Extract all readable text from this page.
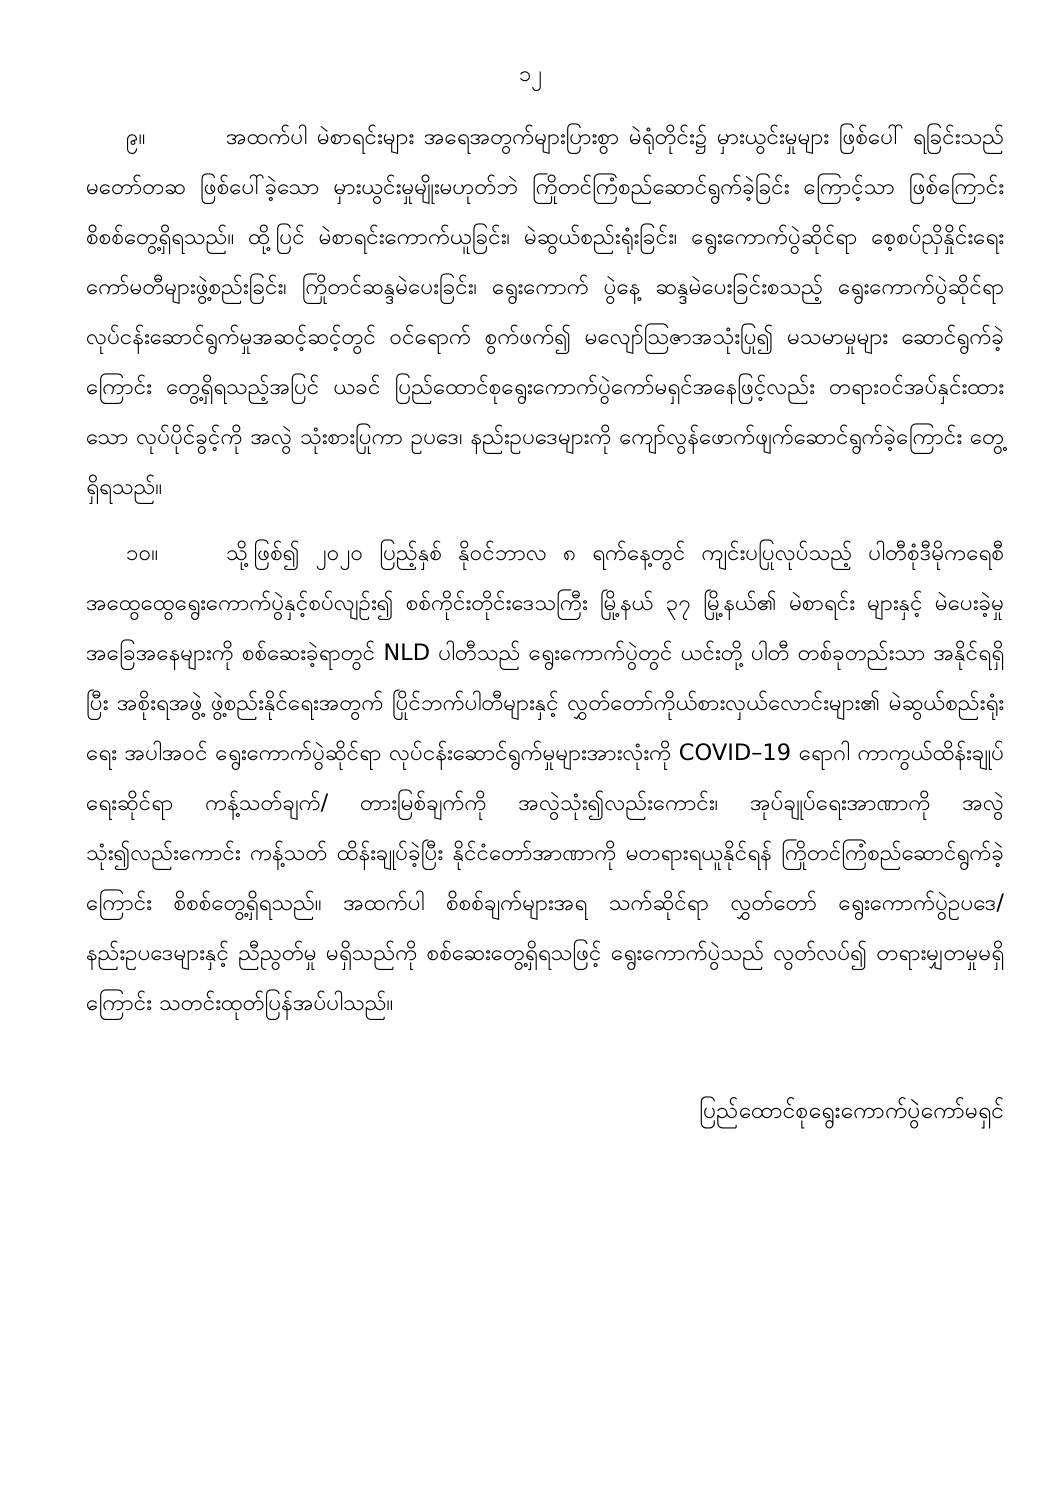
၁၂

၉။	အထက်ပါ မဲစာရင်းများ အရေအတွက်များပြားစွာ မဲရုံတိုင်း၌ မှားယွင်းမှုများ ဖြစ်ပေါ် ရခြင်းသည် မတော်တဆ ဖြစ်ပေါ်ခဲ့သော မှားယွင်းမှုမျိုးမဟုတ်ဘဲ ကြိုတင်ကြံစည်ဆောင်ရွက်ခဲ့ခြင်း ကြောင့်သာ ဖြစ်ကြောင်း စိစစ်တွေ့ရှိရသည်။ ထို့ပြင် မဲစာရင်းကောက်ယူခြင်း၊ မဲဆွယ်စည်းရုံးခြင်း၊ ရွေးကောက်ပွဲဆိုင်ရာ စေ့စပ်ညှိနှိုင်းရေးကော်မတီများဖွဲ့စည်းခြင်း၊ ကြိုတင်ဆန္ဒမဲပေးခြင်း၊ ရွေးကောက် ပွဲနေ့ ဆန္ဒမဲပေးခြင်းစသည့် ရွေးကောက်ပွဲဆိုင်ရာ လုပ်ငန်းဆောင်ရွက်မှုအဆင့်ဆင့်တွင် ဝင်ရောက် စွက်ဖက်၍ မလျော်ဩဇာအသုံးပြု၍ မသမာမှုများ ဆောင်ရွက်ခဲ့ကြောင်း တွေ့ရှိရသည့်အပြင် ယခင် ပြည်ထောင်စုရွေးကောက်ပွဲကော်မရှင်အနေဖြင့်လည်း တရားဝင်အပ်နှင်းထားသော လုပ်ပိုင်ခွင့်ကို အလွဲ သုံးစားပြုကာ ဥပဒေ၊ နည်းဥပဒေများကို ကျော်လွန်ဖောက်ဖျက်ဆောင်ရွက်ခဲ့ကြောင်း တွေ့ရှိရသည်။

၁၀။	သို့ဖြစ်၍ ၂၀၂၀ ပြည့်နှစ် နိုဝင်ဘာလ ၈ ရက်နေ့တွင် ကျင်းပပြုလုပ်သည့် ပါတီစုံဒီမိုကရေစီ အထွေထွေရွေးကောက်ပွဲနှင့်စပ်လျဉ်း၍ စစ်ကိုင်းတိုင်းဒေသကြီး မြို့နယ် ၃၇ မြို့နယ်၏ မဲစာရင်း များနှင့် မဲပေးခဲ့မှုအခြေအနေများကို စစ်ဆေးခဲ့ရာတွင် NLD ပါတီသည် ရွေးကောက်ပွဲတွင် ယင်းတို့ ပါတီ တစ်ခုတည်းသာ အနိုင်ရရှိပြီး အစိုးရအဖွဲ့ ဖွဲ့စည်းနိုင်ရေးအတွက် ပြိုင်ဘက်ပါတီများနှင့် လွှတ်တော်ကိုယ်စားလှယ်လောင်းများ၏ မဲဆွယ်စည်းရုံးရေး အပါအဝင် ရွေးကောက်ပွဲဆိုင်ရာ လုပ်ငန်းဆောင်ရွက်မှုများအားလုံးကို COVID–19 ရောဂါ ကာကွယ်ထိန်းချုပ်ရေးဆိုင်ရာ ကန့်သတ်ချက်/ တားမြစ်ချက်ကို အလွဲသုံး၍လည်းကောင်း၊ အုပ်ချုပ်ရေးအာဏာကို အလွဲသုံး၍လည်းကောင်း ကန့်သတ် ထိန်းချုပ်ခဲ့ပြီး နိုင်ငံတော်အာဏာကို မတရားရယူနိုင်ရန် ကြိုတင်ကြံစည်ဆောင်ရွက်ခဲ့ကြောင်း စိစစ်တွေ့ရှိရသည်။ အထက်ပါ စိစစ်ချက်များအရ သက်ဆိုင်ရာ လွှတ်တော် ရွေးကောက်ပွဲဥပဒေ/ နည်းဥပဒေများနှင့် ညီညွတ်မှု မရှိသည်ကို စစ်ဆေးတွေ့ရှိရသဖြင့် ရွေးကောက်ပွဲသည် လွတ်လပ်၍ တရားမျှတမှုမရှိကြောင်း သတင်းထုတ်ပြန်အပ်ပါသည်။

ပြည်ထောင်စုရွေးကောက်ပွဲကော်မရှင်
